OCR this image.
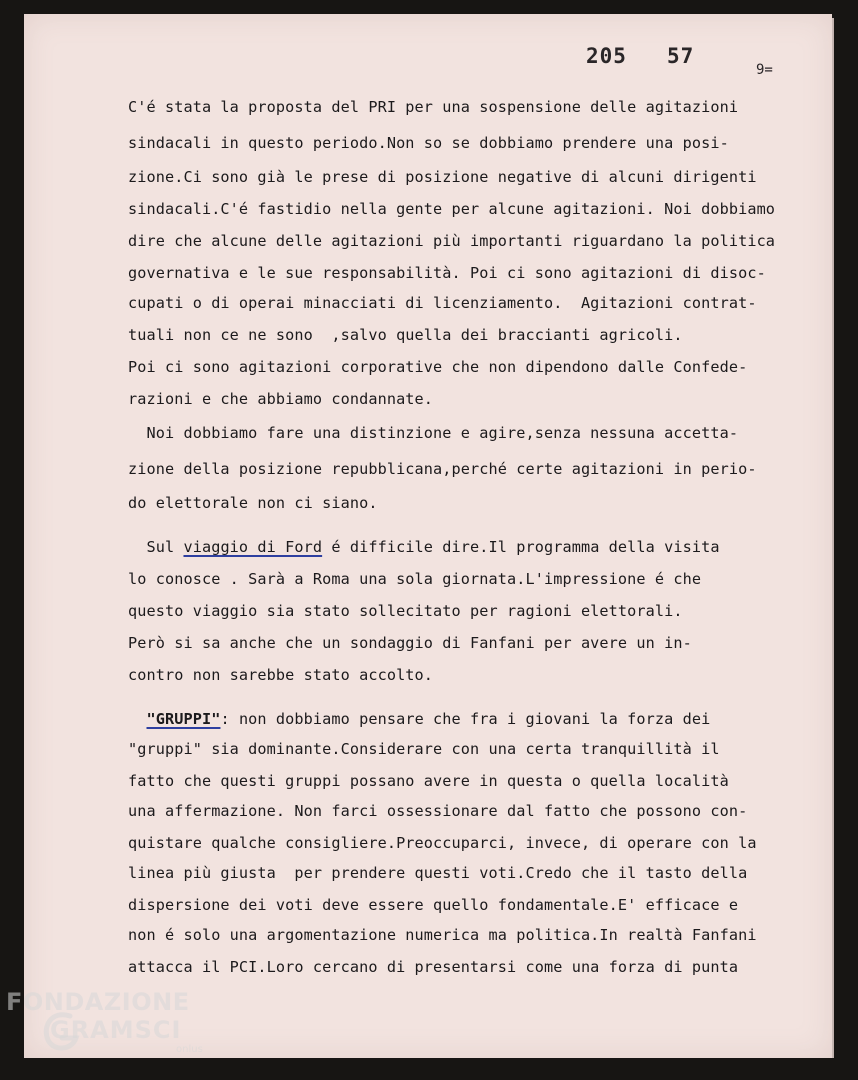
205 57
9=
C'é stata la proposta del PRI per una sospensione delle agitazioni
sindacali in questo periodo.Non so se dobbiamo prendere una posi-
zione.Ci sono già le prese di posizione negative di alcuni dirigenti
sindacali.C'é fastidio nella gente per alcune agitazioni. Noi dobbiamo
dire che alcune delle agitazioni più importanti riguardano la politica
governativa e le sue responsabilità. Poi ci sono agitazioni di disoc-
cupati o di operai minacciati di licenziamento.  Agitazioni contrat-
tuali non ce ne sono  ,salvo quella dei braccianti agricoli.
Poi ci sono agitazioni corporative che non dipendono dalle Confede-
razioni e che abbiamo condannate.
Noi dobbiamo fare una distinzione e agire,senza nessuna accetta-
zione della posizione repubblicana,perché certe agitazioni in perio-
do elettorale non ci siano.
Sul viaggio di Ford é difficile dire.Il programma della visita
lo conosce . Sarà a Roma una sola giornata.L'impressione é che
questo viaggio sia stato sollecitato per ragioni elettorali.
Però si sa anche che un sondaggio di Fanfani per avere un in-
contro non sarebbe stato accolto.
"GRUPPI": non dobbiamo pensare che fra i giovani la forza dei
"gruppi" sia dominante.Considerare con una certa tranquillità il
fatto che questi gruppi possano avere in questa o quella località
una affermazione. Non farci ossessionare dal fatto che possono con-
quistare qualche consigliere.Preoccuparci, invece, di operare con la
linea più giusta  per prendere questi voti.Credo che il tasto della
dispersione dei voti deve essere quello fondamentale.E' efficace e
non é solo una argomentazione numerica ma politica.In realtà Fanfani
attacca il PCI.Loro cercano di presentarsi come una forza di punta
FONDAZIONE
GRAMSCI
onlus
